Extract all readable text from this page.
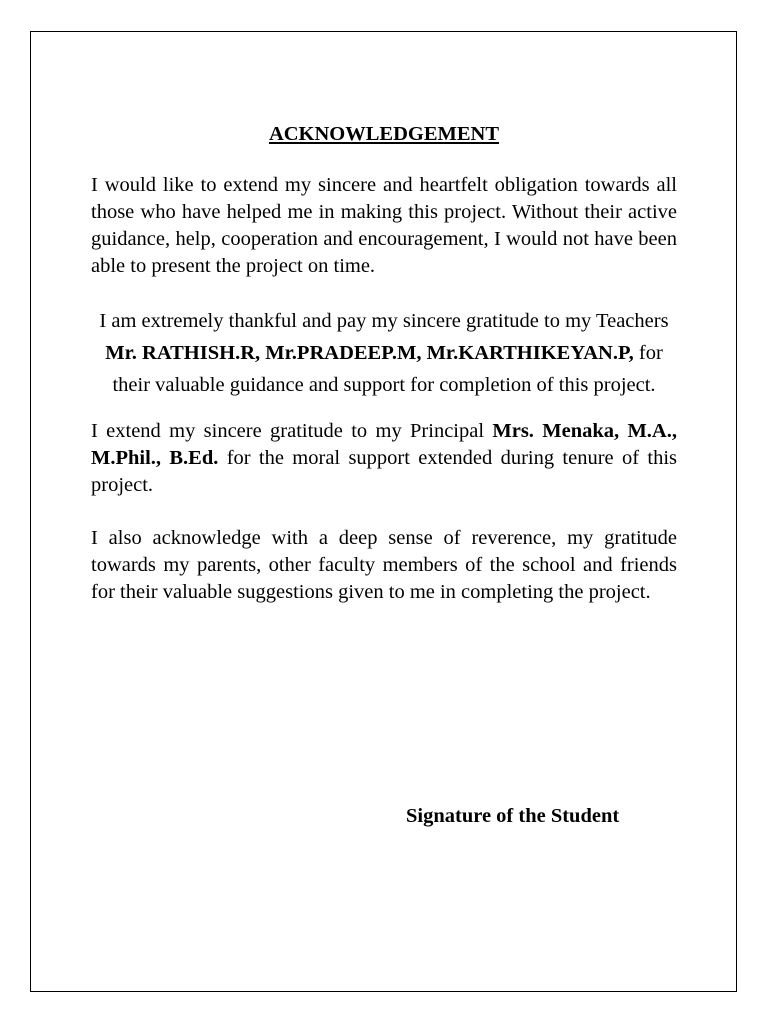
ACKNOWLEDGEMENT

I would like to extend my sincere and heartfelt obligation towards all those who have helped me in making this project. Without their active guidance, help, cooperation and encouragement, I would not have been able to present the project on time.

I am extremely thankful and pay my sincere gratitude to my Teachers Mr. RATHISH.R, Mr.PRADEEP.M, Mr.KARTHIKEYAN.P, for their valuable guidance and support for completion of this project.

I extend my sincere gratitude to my Principal Mrs. Menaka, M.A., M.Phil., B.Ed. for the moral support extended during tenure of this project.

I also acknowledge with a deep sense of reverence, my gratitude towards my parents, other faculty members of the school and friends for their valuable suggestions given to me in completing the project.

Signature of the Student
